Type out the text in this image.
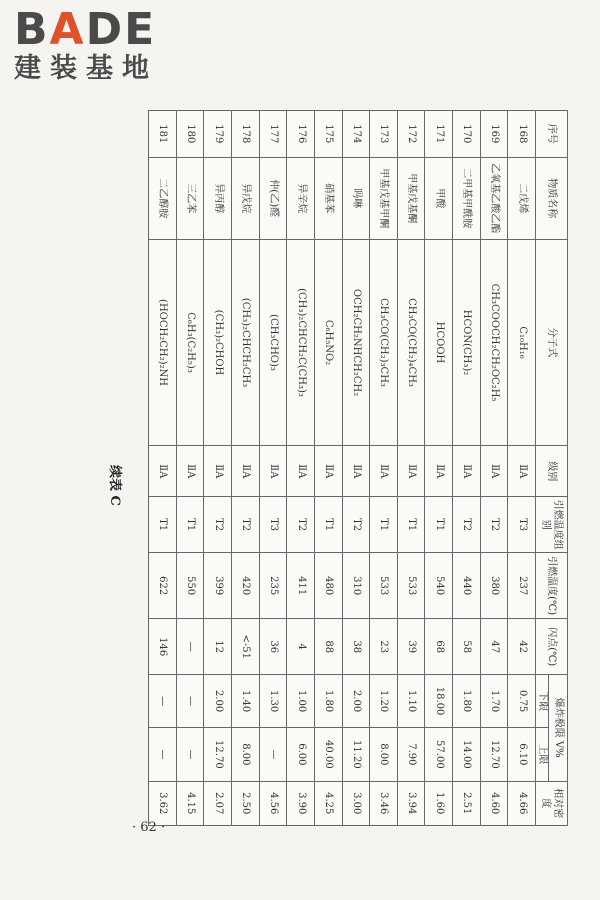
BADE
建装基地
续表 C
序号	物质名称	分子式	级别	引燃温度组别	引燃温度(℃)	闪点(℃)	爆炸极限 V%		相对密度
							下限	上限	
168	二戊烯	C₁₀H₁₆	ⅡA	T3	237	42	0.75	6.10	4.66
169	乙氧基乙酸乙酯	CH₃COOCH₂CH₂OC₂H₅	ⅡA	T2	380	47	1.70	12.70	4.60
170	二甲基甲酰胺	HCON(CH₃)₂	ⅡA	T2	440	58	1.80	14.00	2.51
171	甲酸	HCOOH	ⅡA	T1	540	68	18.00	57.00	1.60
172	甲基戊基酮	CH₃CO(CH₂)₄CH₃	ⅡA	T1	533	39	1.10	7.90	3.94
173	甲基戊基甲酮	CH₃CO(CH₂)₃CH₃	ⅡA	T1	533	23	1.20	8.00	3.46
174	吗啉	OCH₂CH₂NHCH₂CH₂	ⅡA	T2	310	38	2.00	11.20	3.00
175	硝基苯	C₆H₅NO₂	ⅡA	T1	480	88	1.80	40.00	4.25
176	异辛烷	(CH₃)₂CHCH₂C(CH₃)₃	ⅡA	T2	411	4	1.00	6.00	3.90
177	仲(乙)醛	(CH₃CHO)₃	ⅡA	T3	235	36	1.30	—	4.56
178	异戊烷	(CH₃)₂CHCH₂CH₃	ⅡA	T2	420	<-51	1.40	8.00	2.50
179	异丙醇	(CH₃)₂CHOH	ⅡA	T2	399	12	2.00	12.70	2.07
180	三乙苯	C₆H₃(C₂H₅)₃	ⅡA	T1	550	—	—	—	4.15
181	二乙醇胺	(HOCH₂CH₂)₂NH	ⅡA	T1	622	146	—	—	3.62
· 62 ·
